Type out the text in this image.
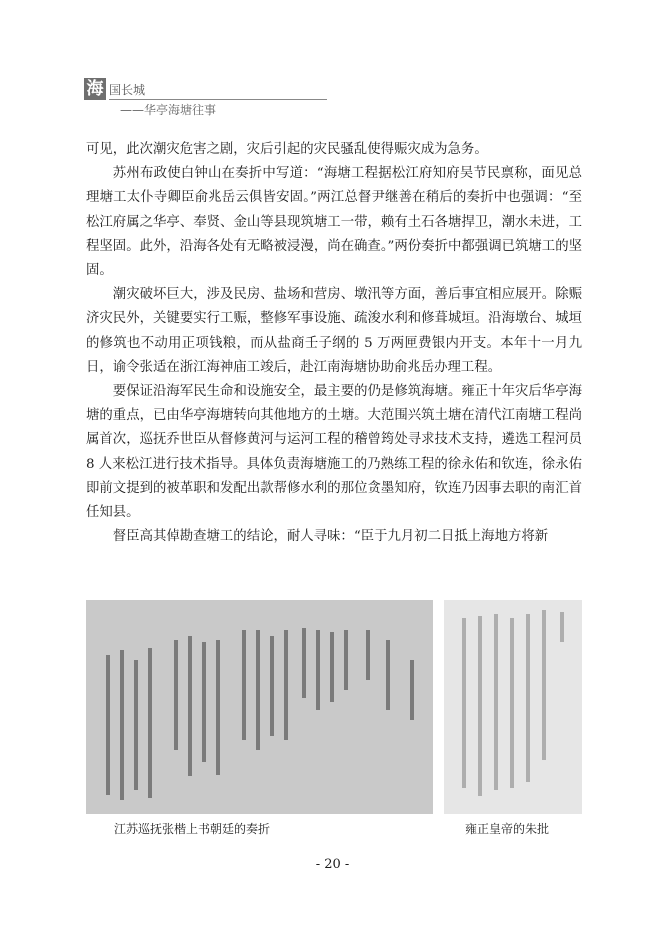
海 国长城
——华亭海塘往事

可见，此次潮灾危害之剧，灾后引起的灾民骚乱使得赈灾成为急务。

苏州布政使白钟山在奏折中写道：“海塘工程据松江府知府吴节民禀称，面见总理塘工太仆寺卿臣俞兆岳云俱皆安固。”两江总督尹继善在稍后的奏折中也强调：“至松江府属之华亭、奉贤、金山等县现筑塘工一带，赖有土石各塘捍卫，潮水未进，工程坚固。此外，沿海各处有无略被浸漫，尚在确查。”两份奏折中都强调已筑塘工的坚固。

潮灾破坏巨大，涉及民房、盐场和营房、墩汛等方面，善后事宜相应展开。除赈济灾民外，关键要实行工赈，整修军事设施、疏浚水利和修葺城垣。沿海墩台、城垣的修筑也不动用正项钱粮，而从盐商壬子纲的 5 万两匣费银内开支。本年十一月九日，谕令张适在浙江海神庙工竣后，赴江南海塘协助俞兆岳办理工程。

要保证沿海军民生命和设施安全，最主要的仍是修筑海塘。雍正十年灾后华亭海塘的重点，已由华亭海塘转向其他地方的土塘。大范围兴筑土塘在清代江南塘工程尚属首次，巡抚乔世臣从督修黄河与运河工程的稽曾筠处寻求技术支持，遴选工程河员 8 人来松江进行技术指导。具体负责海塘施工的乃熟练工程的徐永佑和钦连，徐永佑即前文提到的被革职和发配出款帮修水利的那位贪墨知府，钦连乃因事去职的南汇首任知县。

督臣高其倬勘查塘工的结论，耐人寻味：“臣于九月初二日抵上海地方将新

江苏巡抚张楷上书朝廷的奏折	雍正皇帝的朱批
- 20 -
